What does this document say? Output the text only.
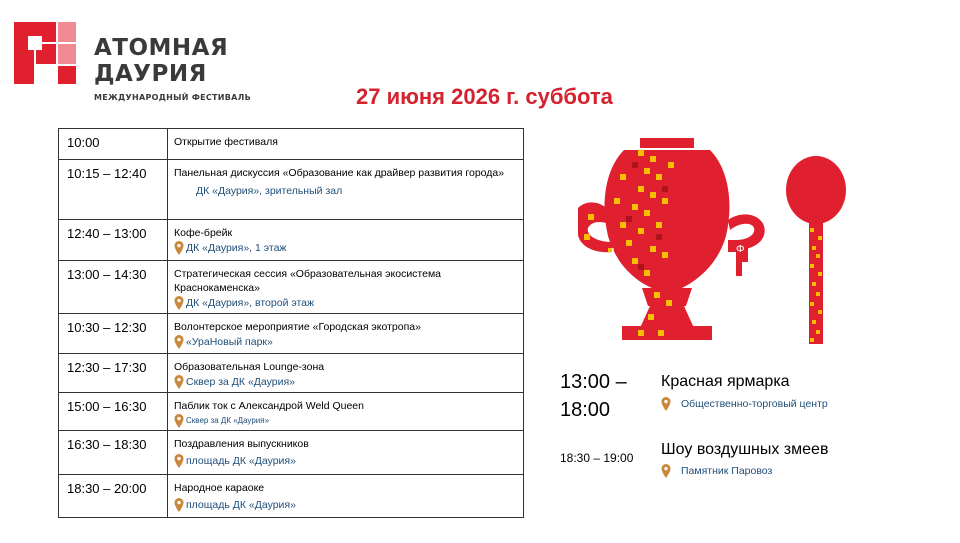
АТОМНАЯ
ДАУРИЯ
МЕЖДУНАРОДНЫЙ ФЕСТИВАЛЬ	27 июня 2026 г. суббота
10:00	Открытие фестиваля

10:15 – 12:40	Панельная дискуссия «Образование как драйвер развития города»
ДК «Даурия», зрительный зал

12:40 – 13:00	Кофе-брейк
ДК «Даурия», 1 этаж

13:00 – 14:30	Стратегическая сессия «Образовательная экосистема Краснокаменска»
ДК «Даурия», второй этаж

10:30 – 12:30	Волонтерское мероприятие «Городская экотропа»
«УраНовый парк»

12:30 – 17:30	Образовательная Lounge-зона
Сквер за ДК «Даурия»

15:00 – 16:30	Паблик ток с Александрой Weld Queen
Сквер за ДК «Даурия»

16:30 – 18:30	Поздравления выпускников
площадь ДК «Даурия»

18:30 – 20:00	Народное караоке
площадь ДК «Даурия»
Ф
13:00 –
18:00
Красная ярмарка
Общественно-торговый центр
18:30 – 19:00 Шоу воздушных змеев
Памятник Паровоз
